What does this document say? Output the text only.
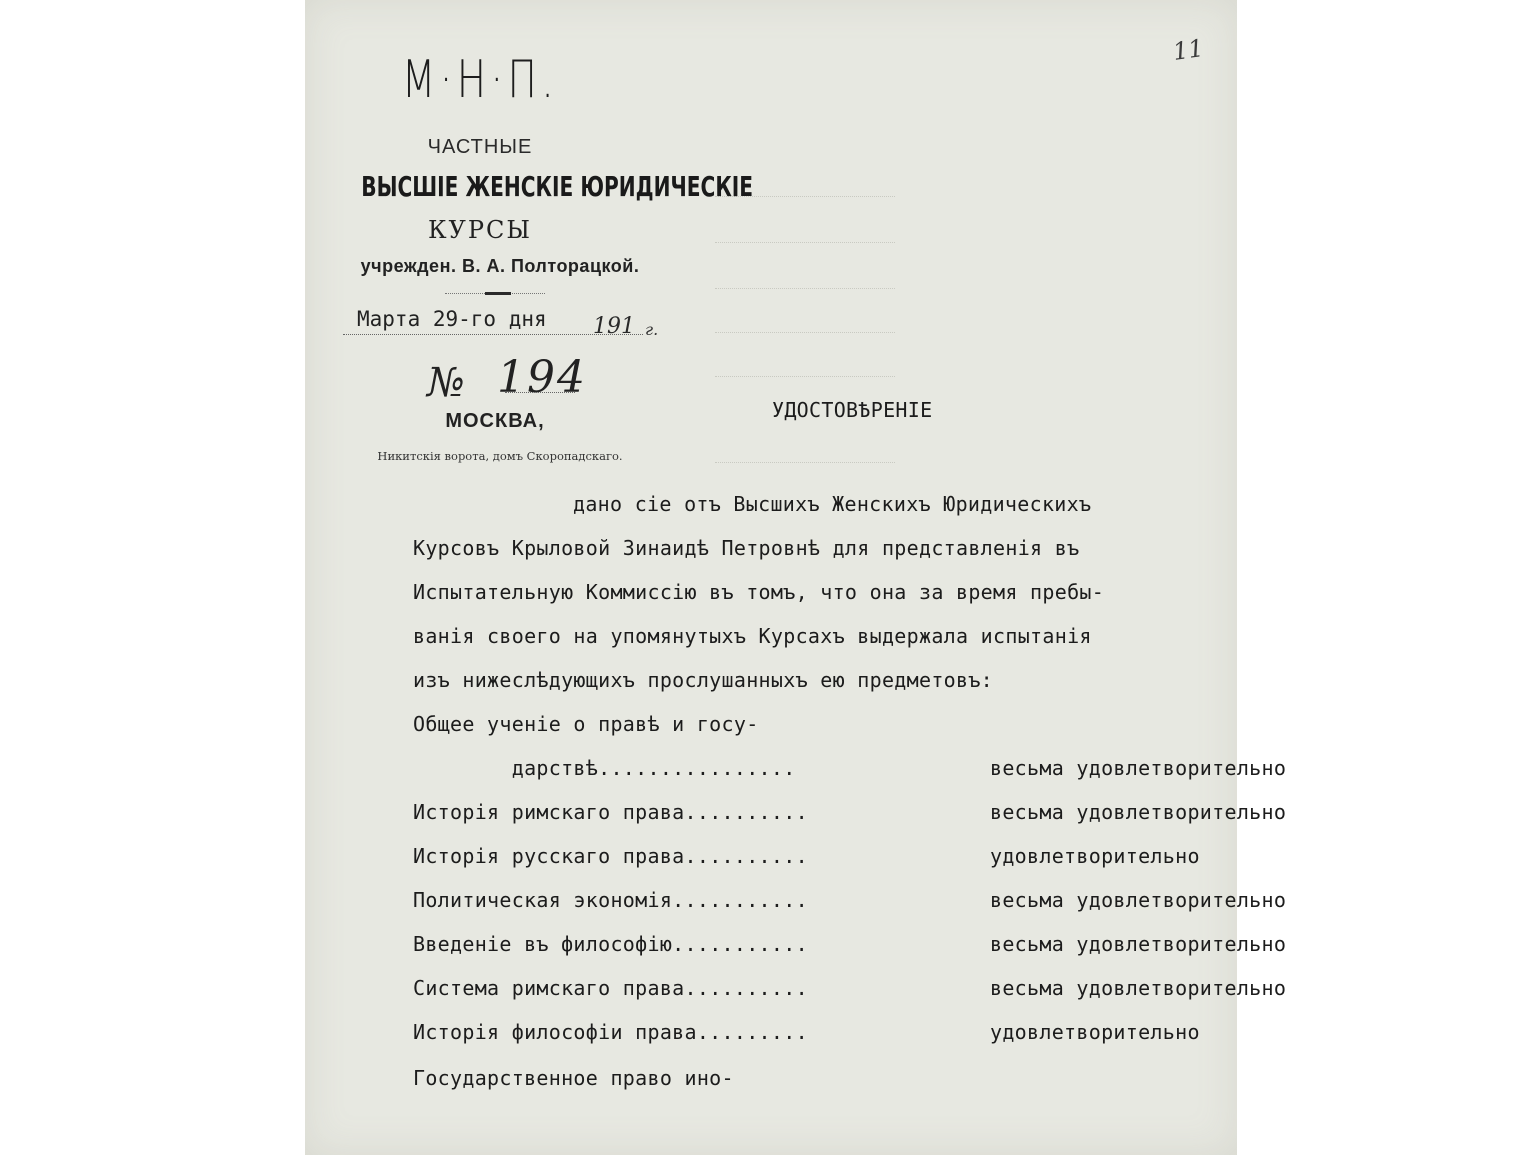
11
М·Н·П.
ЧАСТНЫЕ
ВЫСШІЕ ЖЕНСКІЕ ЮРИДИЧЕСКІЕ
КУРСЫ
учрежден. В. А. Полторацкой.
Марта 29-го дня 191 г.
№ 194
МОСКВА,
Никитскія ворота, домъ Скоропадскаго.
УДОСТОВѢРЕНІЕ
дано сіе отъ Высшихъ Женскихъ Юридическихъ
Курсовъ Крыловой Зинаидѣ Петровнѣ для представленія въ
Испытательную Коммиссію въ томъ, что она за время пребы-
ванія своего на упомянутыхъ Курсахъ выдержала испытанія
изъ нижеслѣдующихъ прослушанныхъ ею предметовъ:
Общее ученіе о правѣ и госу-
дарствѣ................	весьма удовлетворительно
Исторія римскаго права..........	весьма удовлетворительно
Исторія русскаго права..........	удовлетворительно
Политическая экономія...........	весьма удовлетворительно
Введеніе въ философію...........	весьма удовлетворительно
Система римскаго права..........	весьма удовлетворительно
Исторія философіи права.........	удовлетворительно
Государственное право ино-
